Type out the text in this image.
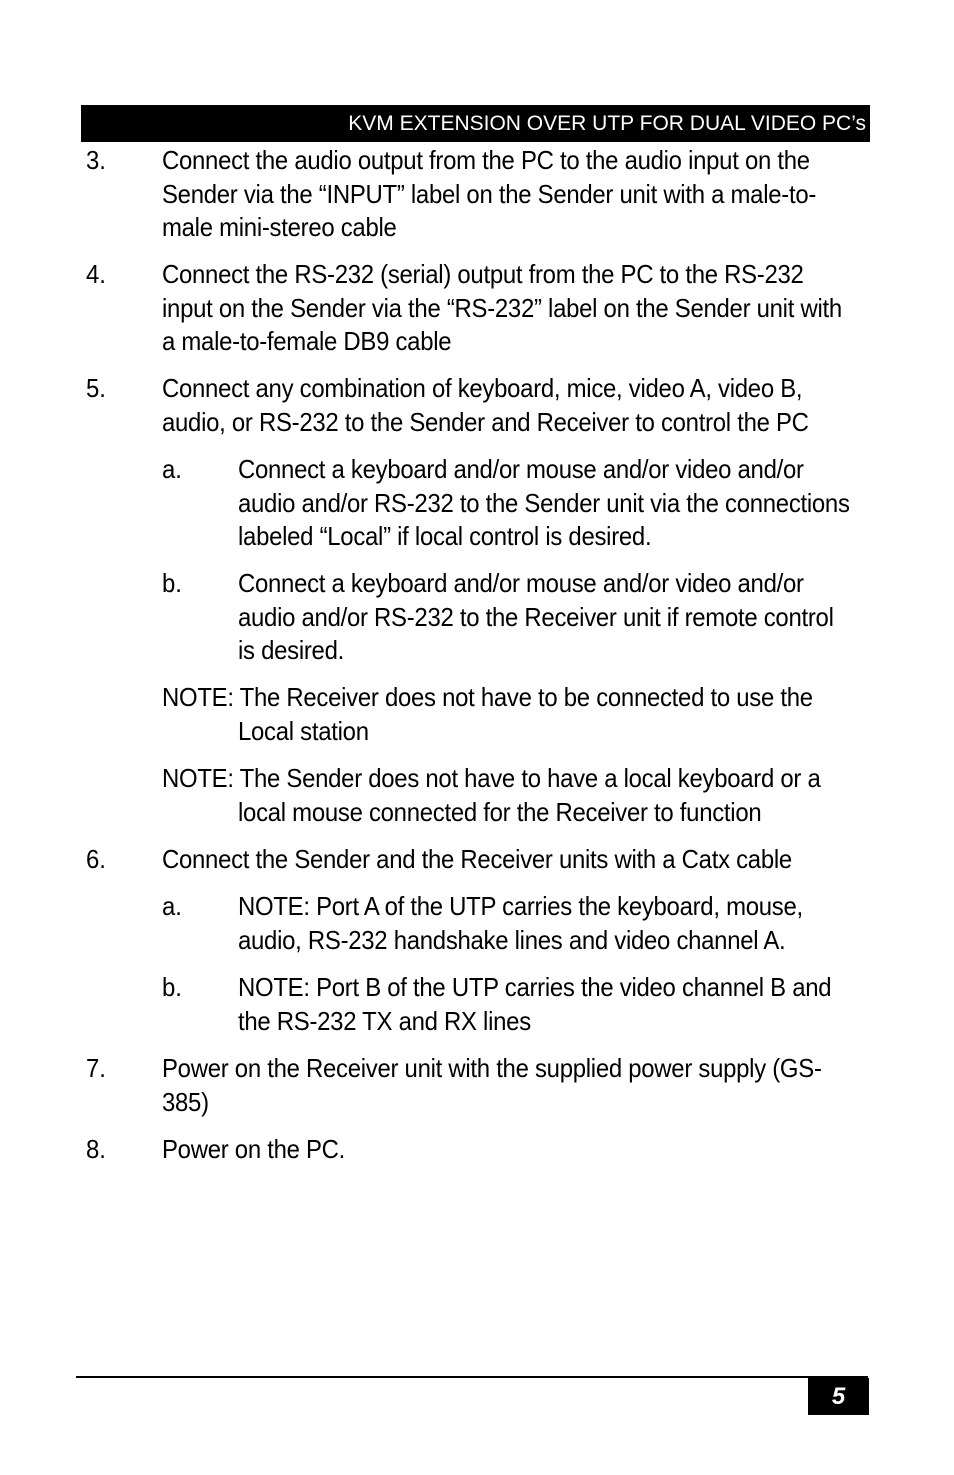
KVM EXTENSION OVER UTP FOR DUAL VIDEO PC’s
3. Connect the audio output from the PC to the audio input on the
Sender via the “INPUT” label on the Sender unit with a male-to-
male mini-stereo cable
4. Connect the RS-232 (serial) output from the PC to the RS-232
input on the Sender via the “RS-232” label on the Sender unit with
a male-to-female DB9 cable
5. Connect any combination of keyboard, mice, video A, video B,
audio, or RS-232 to the Sender and Receiver to control the PC
a. Connect a keyboard and/or mouse and/or video and/or
audio and/or RS-232 to the Sender unit via the connections
labeled “Local” if local control is desired.
b. Connect a keyboard and/or mouse and/or video and/or
audio and/or RS-232 to the Receiver unit if remote control
is desired.
NOTE: The Receiver does not have to be connected to use the
Local station
NOTE: The Sender does not have to have a local keyboard or a
local mouse connected for the Receiver to function
6. Connect the Sender and the Receiver units with a Catx cable
a. NOTE: Port A of the UTP carries the keyboard, mouse,
audio, RS-232 handshake lines and video channel A.
b. NOTE: Port B of the UTP carries the video channel B and
the RS-232 TX and RX lines
7. Power on the Receiver unit with the supplied power supply (GS-
385)
8. Power on the PC.
5
